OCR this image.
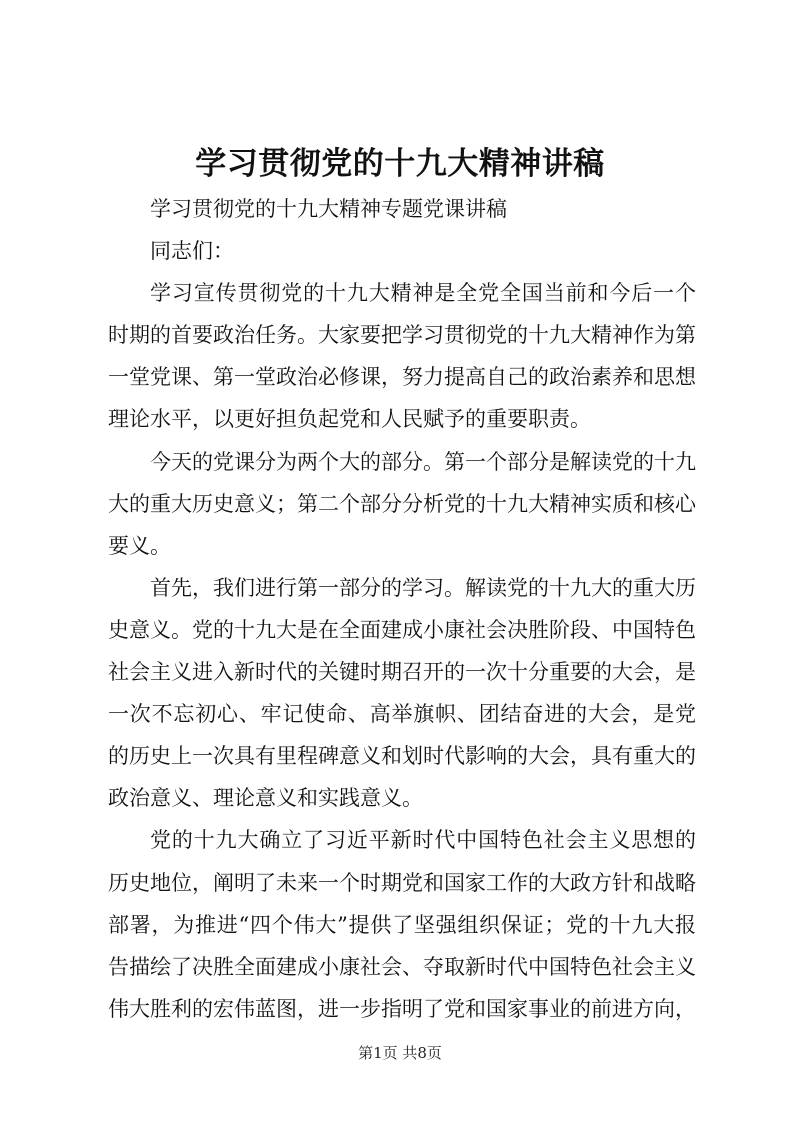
学习贯彻党的十九大精神讲稿
学习贯彻党的十九大精神专题党课讲稿
同志们：
学习宣传贯彻党的十九大精神是全党全国当前和今后一个
时期的首要政治任务。大家要把学习贯彻党的十九大精神作为第
一堂党课、第一堂政治必修课，努力提高自己的政治素养和思想
理论水平，以更好担负起党和人民赋予的重要职责。
今天的党课分为两个大的部分。第一个部分是解读党的十九
大的重大历史意义；第二个部分分析党的十九大精神实质和核心
要义。
首先，我们进行第一部分的学习。解读党的十九大的重大历
史意义。党的十九大是在全面建成小康社会决胜阶段、中国特色
社会主义进入新时代的关键时期召开的一次十分重要的大会，是
一次不忘初心、牢记使命、高举旗帜、团结奋进的大会，是党
的历史上一次具有里程碑意义和划时代影响的大会，具有重大的
政治意义、理论意义和实践意义。
党的十九大确立了习近平新时代中国特色社会主义思想的
历史地位，阐明了未来一个时期党和国家工作的大政方针和战略
部署，为推进“四个伟大”提供了坚强组织保证；党的十九大报
告描绘了决胜全面建成小康社会、夺取新时代中国特色社会主义
伟大胜利的宏伟蓝图，进一步指明了党和国家事业的前进方向，
第1页 共8页
